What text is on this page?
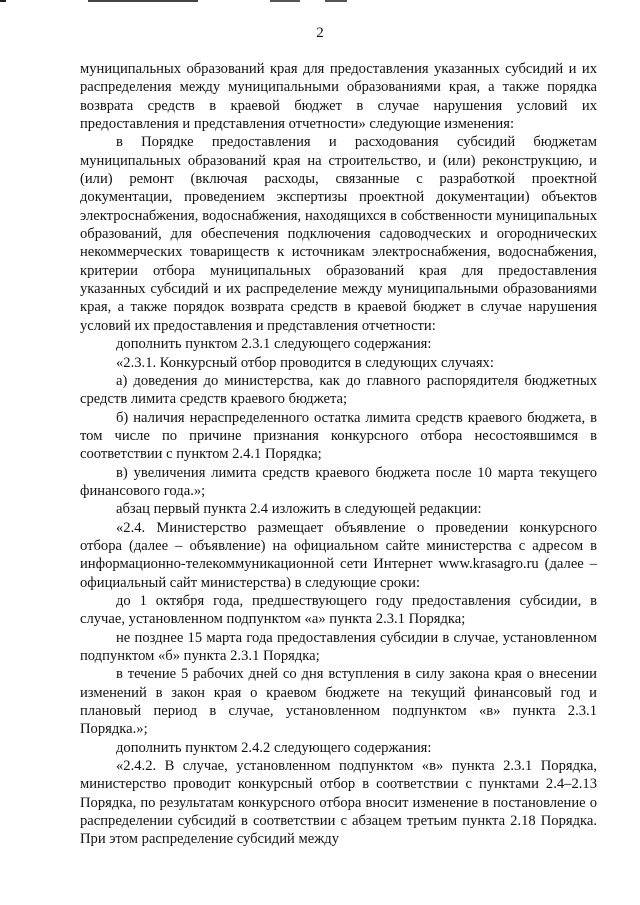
2

муниципальных образований края для предоставления указанных субсидий и их распределения между муниципальными образованиями края, а также порядка возврата средств в краевой бюджет в случае нарушения условий их предоставления и представления отчетности» следующие изменения:

в Порядке предоставления и расходования субсидий бюджетам муниципальных образований края на строительство, и (или) реконструкцию, и (или) ремонт (включая расходы, связанные с разработкой проектной документации, проведением экспертизы проектной документации) объектов электроснабжения, водоснабжения, находящихся в собственности муниципальных образований, для обеспечения подключения садоводческих и огороднических некоммерческих товариществ к источникам электроснабжения, водоснабжения, критерии отбора муниципальных образований края для предоставления указанных субсидий и их распределение между муниципальными образованиями края, а также порядок возврата средств в краевой бюджет в случае нарушения условий их предоставления и представления отчетности:

дополнить пунктом 2.3.1 следующего содержания:

«2.3.1. Конкурсный отбор проводится в следующих случаях:

а) доведения до министерства, как до главного распорядителя бюджетных средств лимита средств краевого бюджета;

б) наличия нераспределенного остатка лимита средств краевого бюджета, в том числе по причине признания конкурсного отбора несостоявшимся в соответствии с пунктом 2.4.1 Порядка;

в) увеличения лимита средств краевого бюджета после 10 марта текущего финансового года.»;

абзац первый пункта 2.4 изложить в следующей редакции:

«2.4. Министерство размещает объявление о проведении конкурсного отбора (далее – объявление) на официальном сайте министерства с адресом в информационно-телекоммуникационной сети Интернет www.krasagro.ru (далее – официальный сайт министерства) в следующие сроки:

до 1 октября года, предшествующего году предоставления субсидии, в случае, установленном подпунктом «а» пункта 2.3.1 Порядка;

не позднее 15 марта года предоставления субсидии в случае, установленном подпунктом «б» пункта 2.3.1 Порядка;

в течение 5 рабочих дней со дня вступления в силу закона края о внесении изменений в закон края о краевом бюджете на текущий финансовый год и плановый период в случае, установленном подпунктом «в» пункта 2.3.1 Порядка.»;

дополнить пунктом 2.4.2 следующего содержания:

«2.4.2. В случае, установленном подпунктом «в» пункта 2.3.1 Порядка, министерство проводит конкурсный отбор в соответствии с пунктами 2.4–2.13 Порядка, по результатам конкурсного отбора вносит изменение в постановление о распределении субсидий в соответствии с абзацем третьим пункта 2.18 Порядка. При этом распределение субсидий между
